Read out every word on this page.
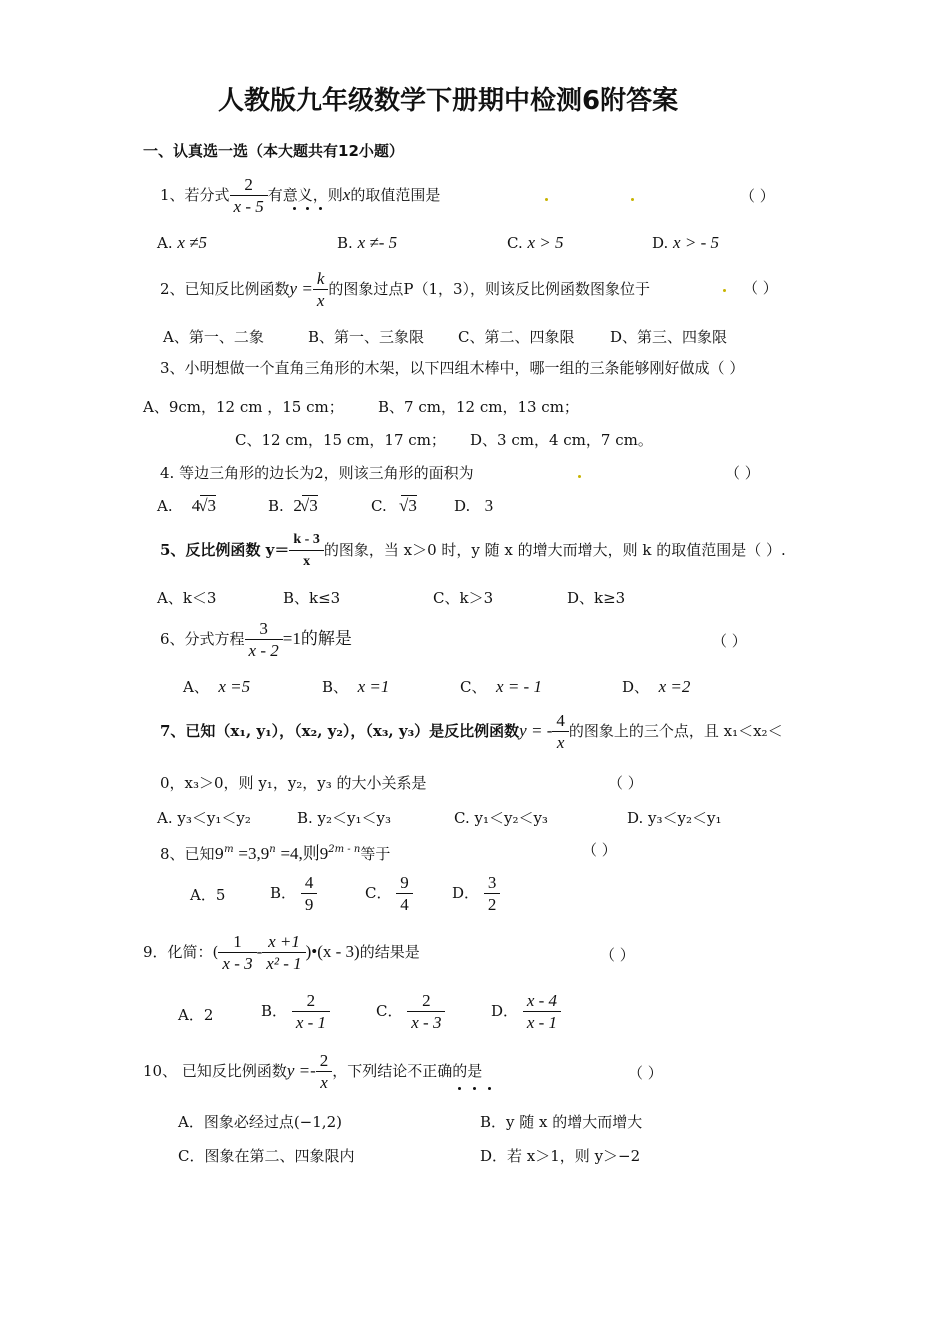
人教版九年级数学下册期中检测6附答案
一、认真选一选（本大题共有12小题）
1、若分式 $\frac{2}{x - 5}$ 有意义，则x的取值范围是	（ ）
A. x ≠5	B. x ≠- 5	C. x > 5	D. x > - 5
2、已知反比例函数$y = \frac{k}{x}$ 的图象过点P（1，3），则该反比例函数图象位于	（ ）
A、第一、二象	B、第一、三象限 C、第二、四象限 D、第三、四象限
3、小明想做一个直角三角形的木架，以下四组木棒中，哪一组的三条能够刚好做成（ ）
A、9cm，12 cm ，15 cm； B、7 cm，12 cm，13 cm；
C、12 cm，15 cm，17 cm； D、3 cm，4 cm，7 cm。
4. 等边三角形的边长为2，则该三角形的面积为	（ ）
A. 4√3	B. 2√3	C. √3 D. 3
5、反比例函数 $y= \frac{k - 3}{x}$ 的图象，当 x＞0 时，y 随 x 的增大而增大，则 k 的取值范围是（ ）.
A、k＜3	B、k≤3	C、k＞3	D、k≥3
6、分式方程 $\frac{3}{x - 2} =1$的解是	（ ）
A、 x =5	B、 x =1	C、 x = - 1	D、 x =2
7、已知（x₁, y₁），（x₂, y₂），（x₃, y₃）是反比例函数y = - $\frac{4}{x}$ 的图象上的三个点，且 x₁＜x₂＜
0，x₃＞0，则 y₁，y₂，y₃ 的大小关系是	（ ）
A. y₃＜y₁＜y₂	B. y₂＜y₁＜y₃	C. y₁＜y₂＜y₃	D. y₃＜y₂＜y₁
8、已知$9^m =3,9^n =4$,则$9^{2m - n}$等于	（ ）
A．5	B． $\frac{4}{9}$	C． $\frac{9}{4}$	D． $\frac{3}{2}$
9．化简：( $\frac{1}{x - 3} - \frac{x +1}{\text{x² - 1}}$ )•(x - 3)的结果是	（ ）
A．2	B． $\frac{2}{x - 1}$	C． $\frac{2}{x - 3}$	D． $\frac{x - 4}{x - 1}$
10、 已知反比例函数$y =- \frac{2}{x}$ ，下列结论不正确的是	（ ）
A．图象必经过点(−1,2)	B．y 随 x 的增大而增大
C．图象在第二、四象限内	D．若 x＞1，则 y＞−2
